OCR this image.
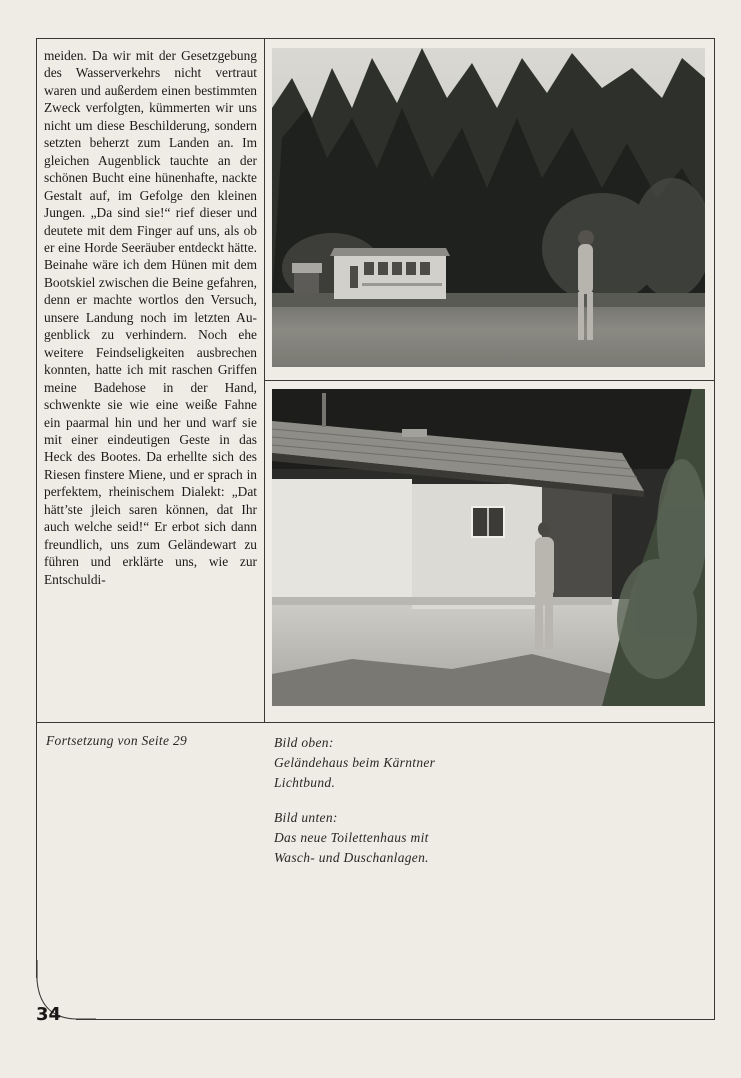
meiden. Da wir mit der Gesetzgebung des Wasserverkehrs nicht vertraut waren und außerdem einen bestimmten Zweck verfolgten, kümmerten wir uns nicht um diese Beschilderung, sondern setzten beherzt zum Landen an. Im gleichen Augenblick tauchte an der schönen Bucht eine hünenhafte, nackte Gestalt auf, im Gefolge den kleinen Jungen. „Da sind sie!“ rief dieser und deutete mit dem Finger auf uns, als ob er eine Horde Seeräuber entdeckt hätte. Beinahe wäre ich dem Hünen mit dem Bootskiel zwischen die Beine gefahren, denn er machte wortlos den Versuch, unsere Landung noch im letzten Augenblick zu verhindern. Noch ehe weitere Feindseligkeiten ausbrechen konnten, hatte ich mit raschen Griffen meine Badehose in der Hand, schwenkte sie wie eine weiße Fahne ein paarmal hin und her und warf sie mit einer eindeutigen Geste in das Heck des Bootes. Da erhellte sich des Riesen finstere Miene, und er sprach in perfektem, rheinischem Dialekt: „Dat hätt’ste jleich saren können, dat Ihr auch welche seid!“ Er erbot sich dann freundlich, uns zum Geländewart zu führen und erklärte uns, wie zur Entschuldi-
Fortsetzung von Seite 29	Bild oben:
Geländehaus beim Kärntner
Lichtbund.
Bild unten:
Das neue Toilettenhaus mit
Wasch- und Duschanlagen.
34
